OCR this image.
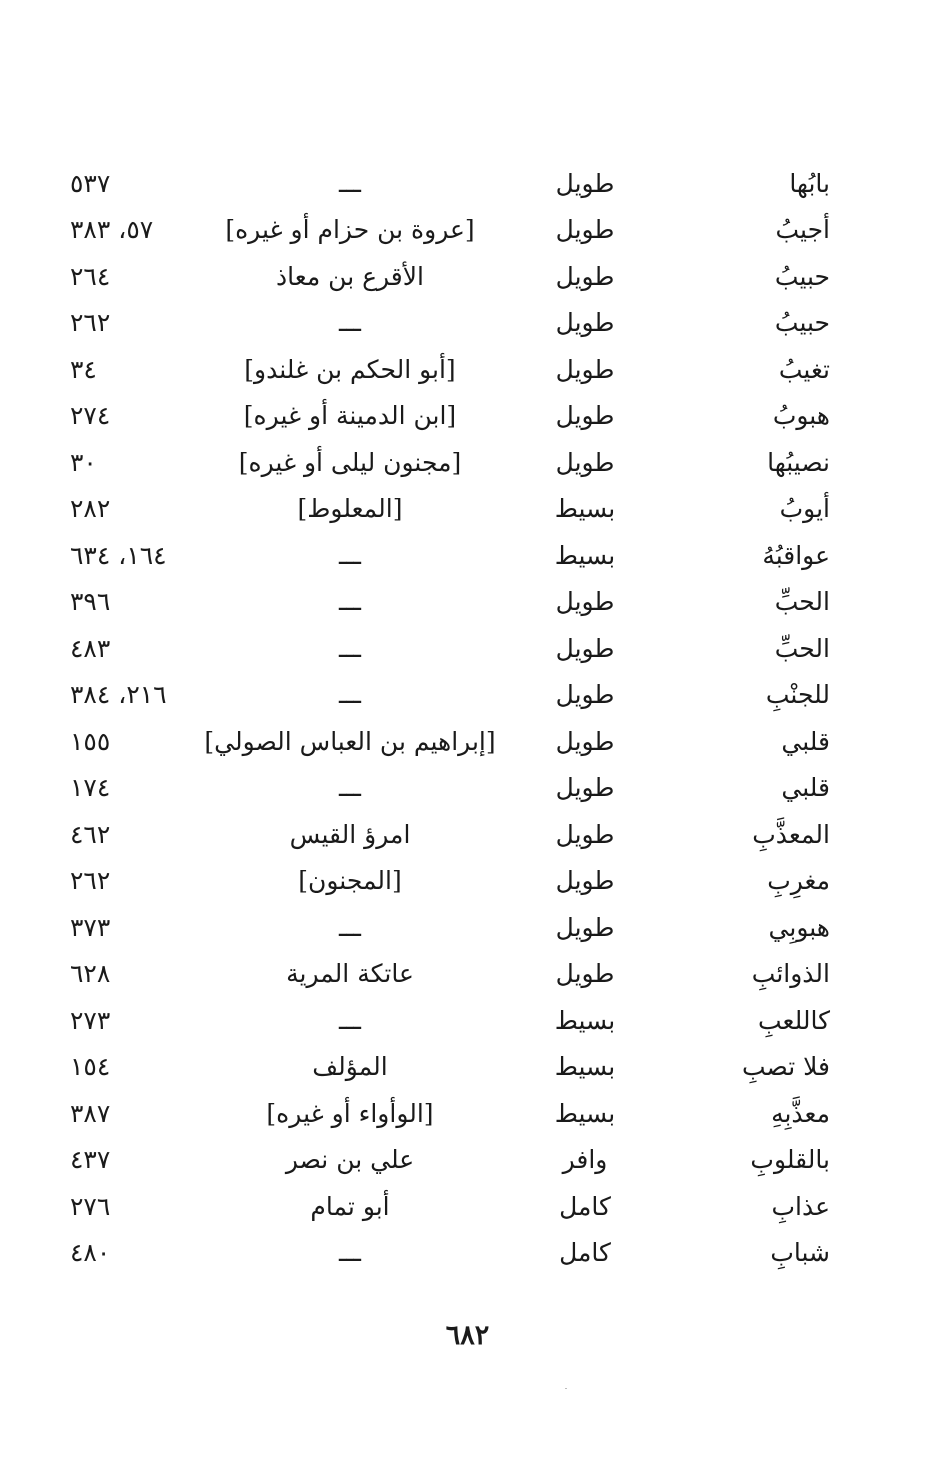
بابُها
طويل
ـــ
٥٣٧
أجيبُ
طويل
[عروة بن حزام أو غيره]
٥٧، ٣٨٣
حبيبُ
طويل
الأقرع بن معاذ
٢٦٤
حبيبُ
طويل
ـــ
٢٦٢
تغيبُ
طويل
[أبو الحكم بن غلندو]
٣٤
هبوبُ
طويل
[ابن الدمينة أو غيره]
٢٧٤
نصيبُها
طويل
[مجنون ليلى أو غيره]
٣٠
أيوبُ
بسيط
[المعلوط]
٢٨٢
عواقبُهُ
بسيط
ـــ
١٦٤، ٦٣٤
الحبِّ
طويل
ـــ
٣٩٦
الحبِّ
طويل
ـــ
٤٨٣
للجنْبِ
طويل
ـــ
٢١٦، ٣٨٤
قلبي
طويل
[إبراهيم بن العباس الصولي]
١٥٥
قلبي
طويل
ـــ
١٧٤
المعذَّبِ
طويل
امرؤ القيس
٤٦٢
مغرِبِ
طويل
[المجنون]
٢٦٢
هبوبِي
طويل
ـــ
٣٧٣
الذوائبِ
طويل
عاتكة المرية
٦٢٨
كاللعبِ
بسيط
ـــ
٢٧٣
فلا تصبِ
بسيط
المؤلف
١٥٤
معذَّبِهِ
بسيط
[الوأواء أو غيره]
٣٨٧
بالقلوبِ
وافر
علي بن نصر
٤٣٧
عذابِ
كامل
أبو تمام
٢٧٦
شبابِ
كامل
ـــ
٤٨٠
٦٨٢
